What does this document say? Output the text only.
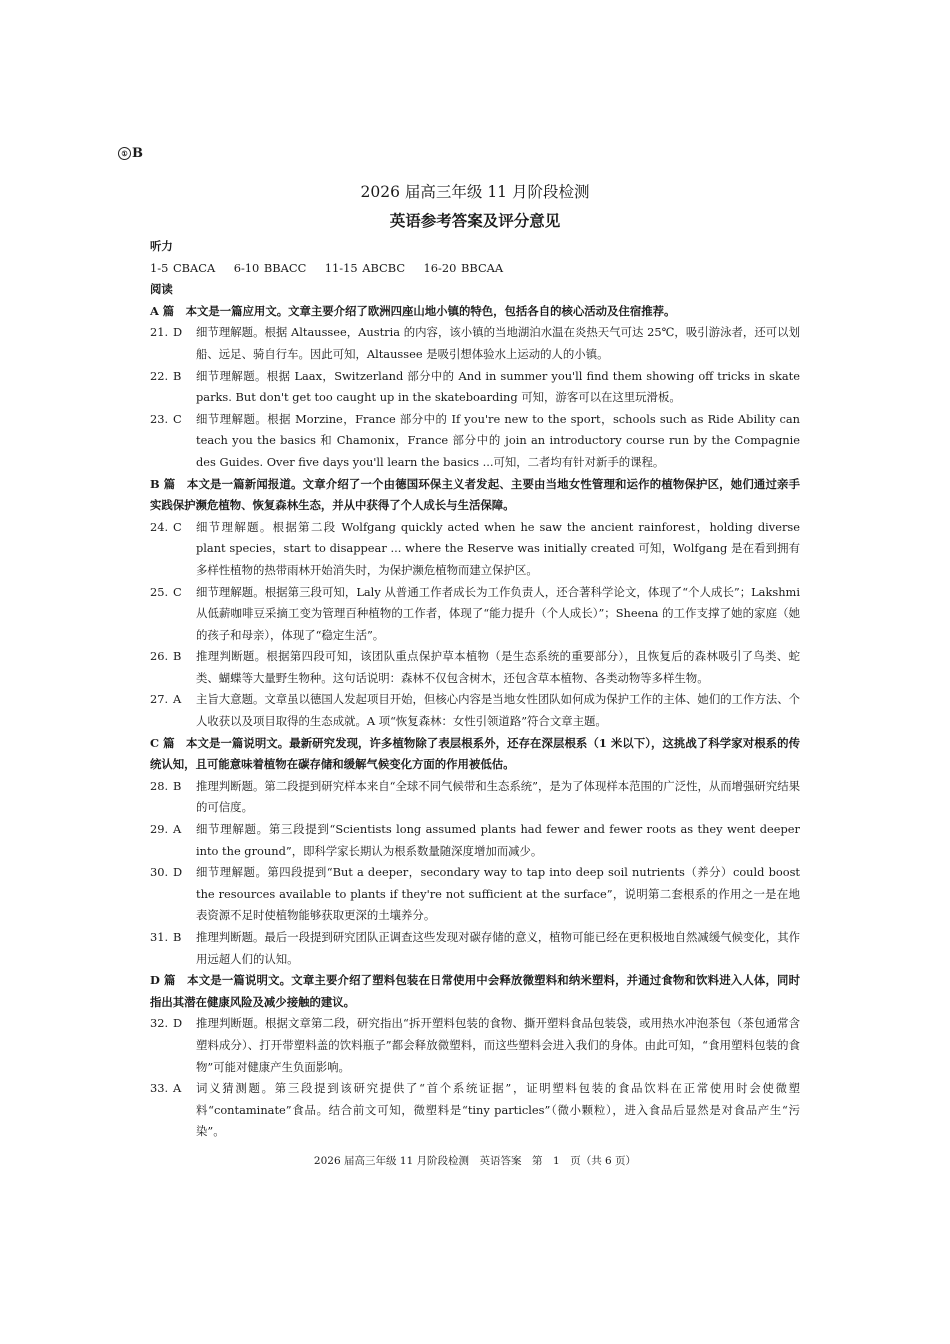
① B
2026 届高三年级 11 月阶段检测
英语参考答案及评分意见
听力
1-5 CBACA    6-10 BBACC    11-15 ABCBC    16-20 BBCAA
阅读
A 篇　本文是一篇应用文。文章主要介绍了欧洲四座山地小镇的特色，包括各自的核心活动及住宿推荐。
21. D	细节理解题。根据 Altaussee，Austria 的内容，该小镇的当地湖泊水温在炎热天气可达 25℃，吸引游泳者，还可以划船、远足、骑自行车。因此可知，Altaussee 是吸引想体验水上运动的人的小镇。
22. B	细节理解题。根据 Laax，Switzerland 部分中的 And in summer you'll find them showing off tricks in skate parks. But don't get too caught up in the skateboarding 可知，游客可以在这里玩滑板。
23. C	细节理解题。根据 Morzine，France 部分中的 If you're new to the sport，schools such as Ride Ability can teach you the basics 和 Chamonix，France 部分中的 join an introductory course run by the Compagnie des Guides. Over five days you'll learn the basics ...可知，二者均有针对新手的课程。
B 篇　本文是一篇新闻报道。文章介绍了一个由德国环保主义者发起、主要由当地女性管理和运作的植物保护区，她们通过亲手实践保护濒危植物、恢复森林生态，并从中获得了个人成长与生活保障。
24. C	细节理解题。根据第二段 Wolfgang quickly acted when he saw the ancient rainforest，holding diverse plant species，start to disappear ... where the Reserve was initially created 可知，Wolfgang 是在看到拥有多样性植物的热带雨林开始消失时，为保护濒危植物而建立保护区。
25. C	细节理解题。根据第三段可知，Laly 从普通工作者成长为工作负责人，还合著科学论文，体现了“个人成长”；Lakshmi 从低薪咖啡豆采摘工变为管理百种植物的工作者，体现了“能力提升（个人成长）”；Sheena 的工作支撑了她的家庭（她的孩子和母亲），体现了“稳定生活”。
26. B	推理判断题。根据第四段可知，该团队重点保护草本植物（是生态系统的重要部分），且恢复后的森林吸引了鸟类、蛇类、蝴蝶等大量野生物种。这句话说明：森林不仅包含树木，还包含草本植物、各类动物等多样生物。
27. A	主旨大意题。文章虽以德国人发起项目开始，但核心内容是当地女性团队如何成为保护工作的主体、她们的工作方法、个人收获以及项目取得的生态成就。A 项“恢复森林：女性引领道路”符合文章主题。
C 篇　本文是一篇说明文。最新研究发现，许多植物除了表层根系外，还存在深层根系（1 米以下），这挑战了科学家对根系的传统认知，且可能意味着植物在碳存储和缓解气候变化方面的作用被低估。
28. B	推理判断题。第二段提到研究样本来自“全球不同气候带和生态系统”，是为了体现样本范围的广泛性，从而增强研究结果的可信度。
29. A	细节理解题。第三段提到“Scientists long assumed plants had fewer and fewer roots as they went deeper into the ground”，即科学家长期认为根系数量随深度增加而减少。
30. D	细节理解题。第四段提到“But a deeper，secondary way to tap into deep soil nutrients（养分）could boost the resources available to plants if they're not sufficient at the surface”，说明第二套根系的作用之一是在地表资源不足时使植物能够获取更深的土壤养分。
31. B	推理判断题。最后一段提到研究团队正调查这些发现对碳存储的意义，植物可能已经在更积极地自然减缓气候变化，其作用远超人们的认知。
D 篇　本文是一篇说明文。文章主要介绍了塑料包装在日常使用中会释放微塑料和纳米塑料，并通过食物和饮料进入人体，同时指出其潜在健康风险及减少接触的建议。
32. D	推理判断题。根据文章第二段，研究指出“拆开塑料包装的食物、撕开塑料食品包装袋，或用热水冲泡茶包（茶包通常含塑料成分）、打开带塑料盖的饮料瓶子”都会释放微塑料，而这些塑料会进入我们的身体。由此可知，“食用塑料包装的食物”可能对健康产生负面影响。
33. A	词义猜测题。第三段提到该研究提供了“首个系统证据”，证明塑料包装的食品饮料在正常使用时会使微塑料“contaminate”食品。结合前文可知，微塑料是“tiny particles”（微小颗粒），进入食品后显然是对食品产生“污染”。
2026 届高三年级 11 月阶段检测　英语答案　第　1　页（共 6 页）
